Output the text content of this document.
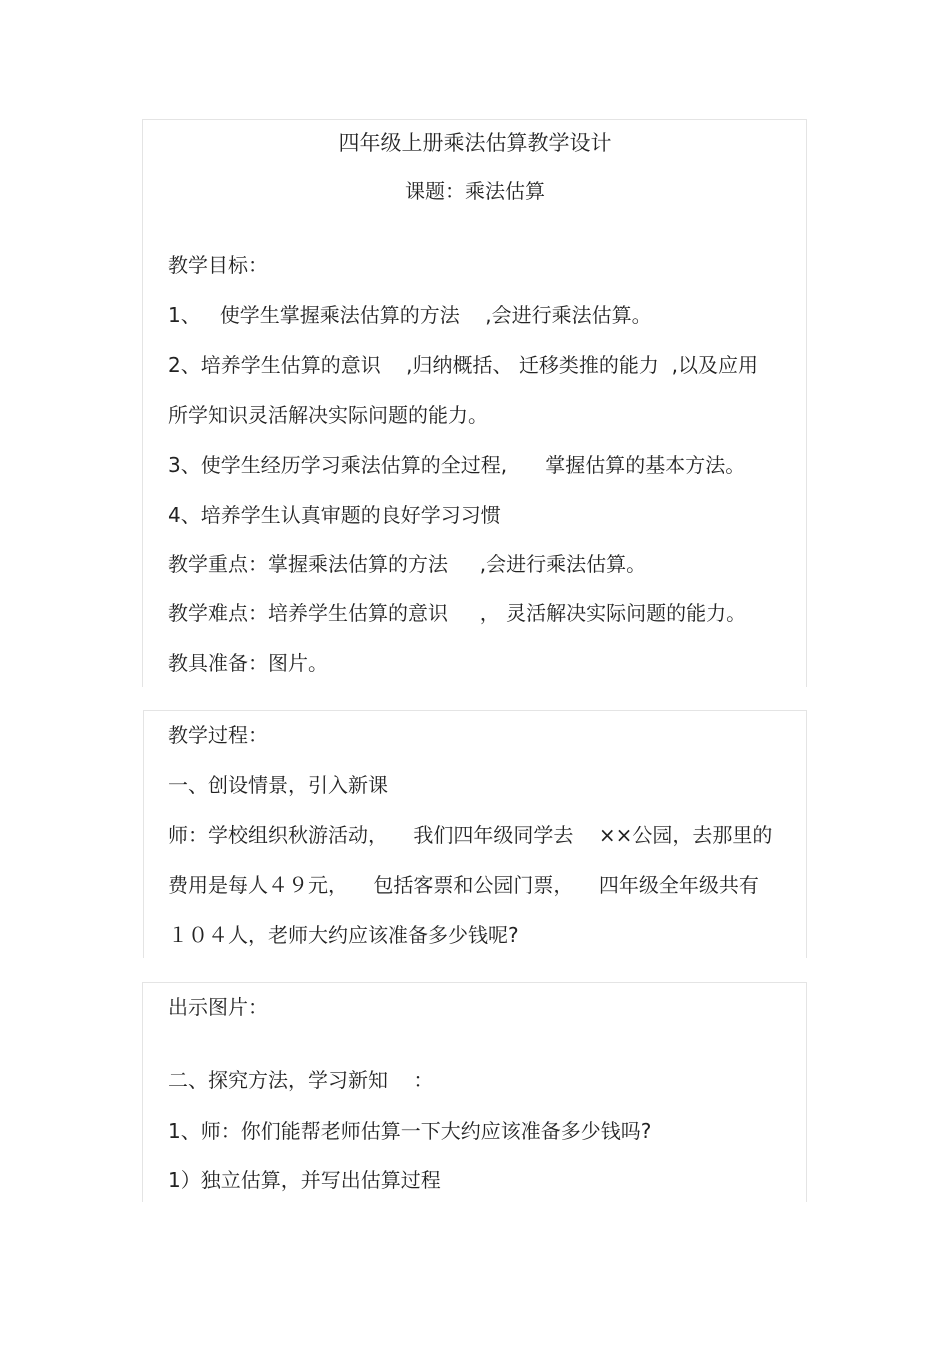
四年级上册乘法估算教学设计
课题：乘法估算
教学目标：
1、   使学生掌握乘法估算的方法    ,会进行乘法估算。
2、培养学生估算的意识    ,归纳概括、 迁移类推的能力  ,以及应用
所学知识灵活解决实际问题的能力。
3、使学生经历学习乘法估算的全过程,      掌握估算的基本方法。
4、培养学生认真审题的良好学习习惯
教学重点：掌握乘法估算的方法     ,会进行乘法估算。
教学难点：培养学生估算的意识     ， 灵活解决实际问题的能力。
教具准备：图片。
教学过程：
一、创设情景，引入新课
师：学校组织秋游活动，    我们四年级同学去    ××公园，去那里的
费用是每人４９元，    包括客票和公园门票，    四年级全年级共有
１０４人，老师大约应该准备多少钱呢?
出示图片：
二、探究方法，学习新知    ：
1、师：你们能帮老师估算一下大约应该准备多少钱吗?
1）独立估算，并写出估算过程
